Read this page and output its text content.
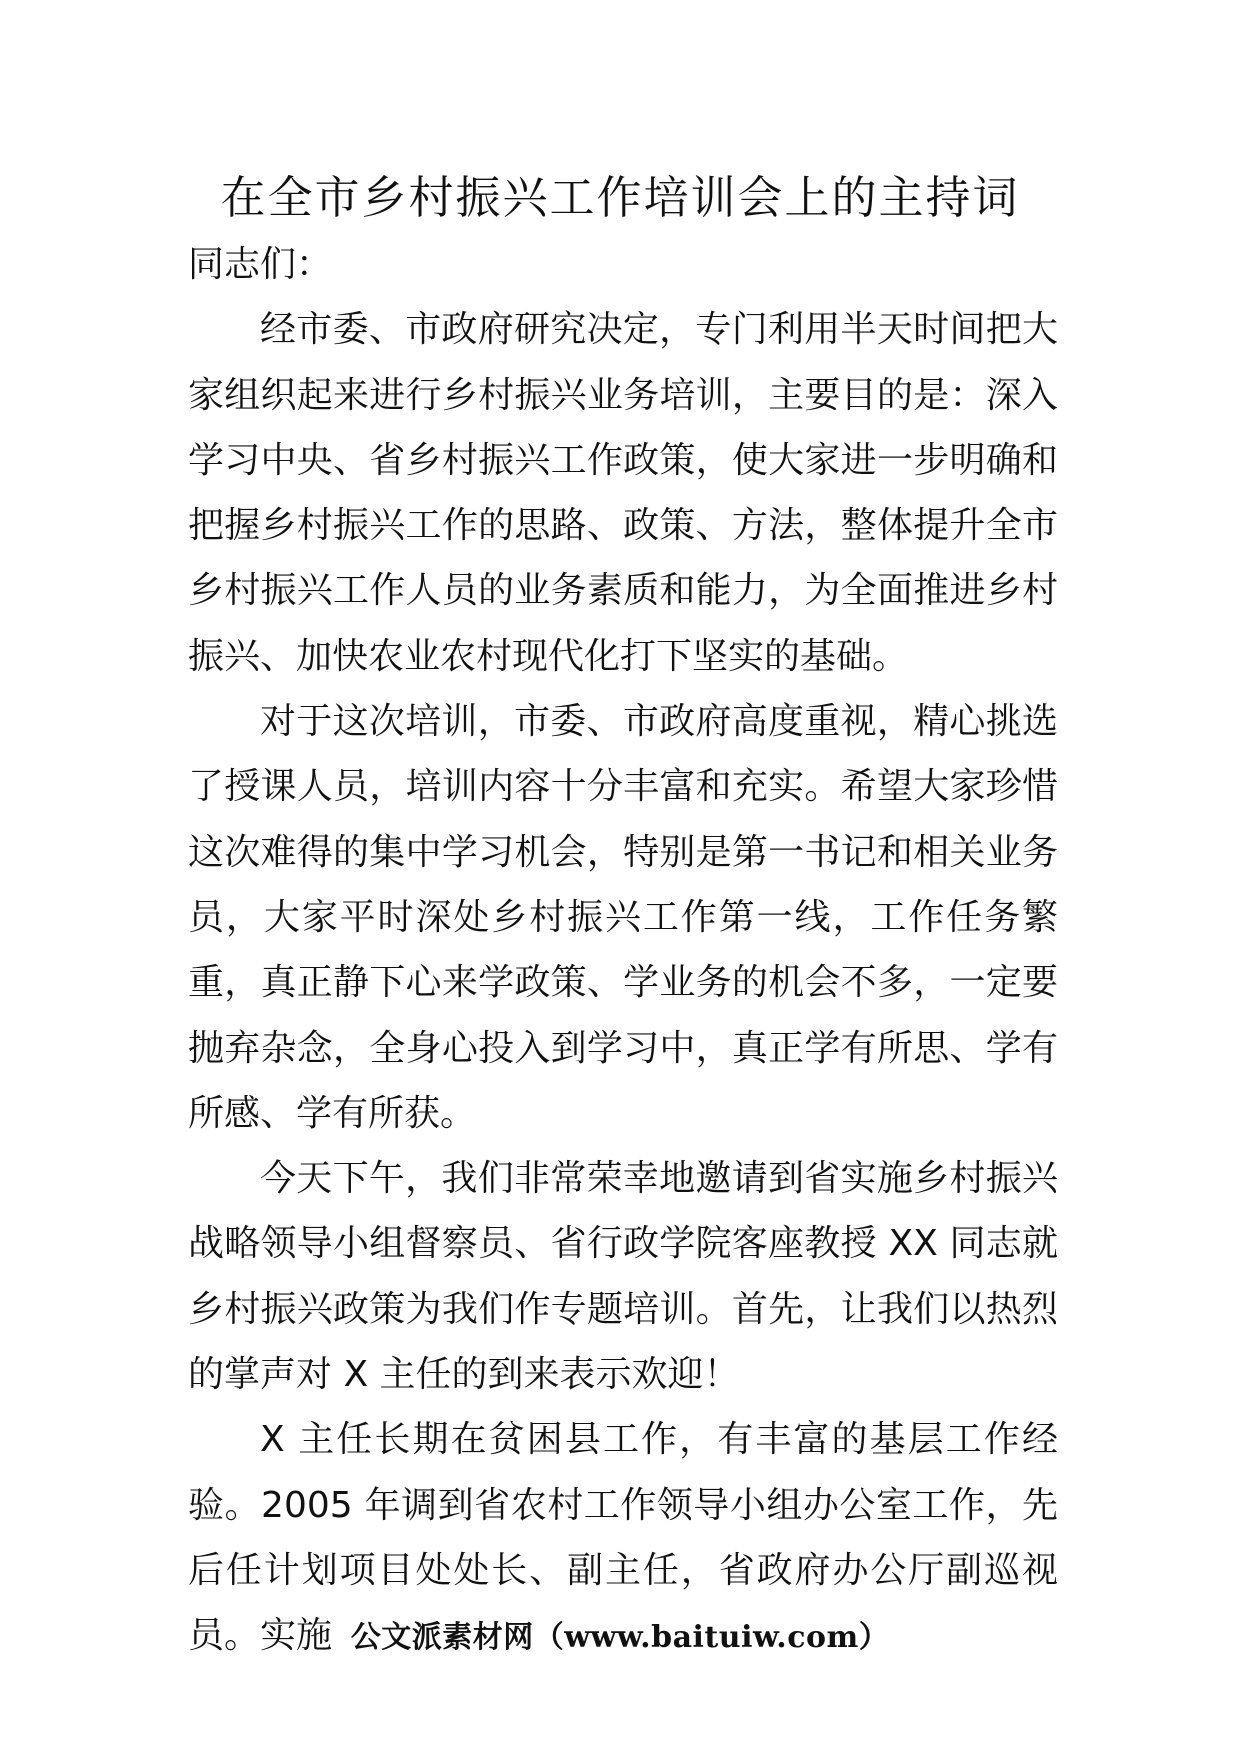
在全市乡村振兴工作培训会上的主持词

同志们：

经市委、市政府研究决定，专门利用半天时间把大家组织起来进行乡村振兴业务培训，主要目的是：深入学习中央、省乡村振兴工作政策，使大家进一步明确和把握乡村振兴工作的思路、政策、方法，整体提升全市乡村振兴工作人员的业务素质和能力，为全面推进乡村振兴、加快农业农村现代化打下坚实的基础。

对于这次培训，市委、市政府高度重视，精心挑选了授课人员，培训内容十分丰富和充实。希望大家珍惜这次难得的集中学习机会，特别是第一书记和相关业务员，大家平时深处乡村振兴工作第一线，工作任务繁重，真正静下心来学政策、学业务的机会不多，一定要抛弃杂念，全身心投入到学习中，真正学有所思、学有所感、学有所获。

今天下午，我们非常荣幸地邀请到省实施乡村振兴战略领导小组督察员、省行政学院客座教授 XX 同志就乡村振兴政策为我们作专题培训。首先，让我们以热烈的掌声对 X 主任的到来表示欢迎！

X 主任长期在贫困县工作，有丰富的基层工作经验。2005 年调到省农村工作领导小组办公室工作，先后任计划项目处处长、副主任，省政府办公厅副巡视员。实施 公文派素材网（www.baituiw.com）
